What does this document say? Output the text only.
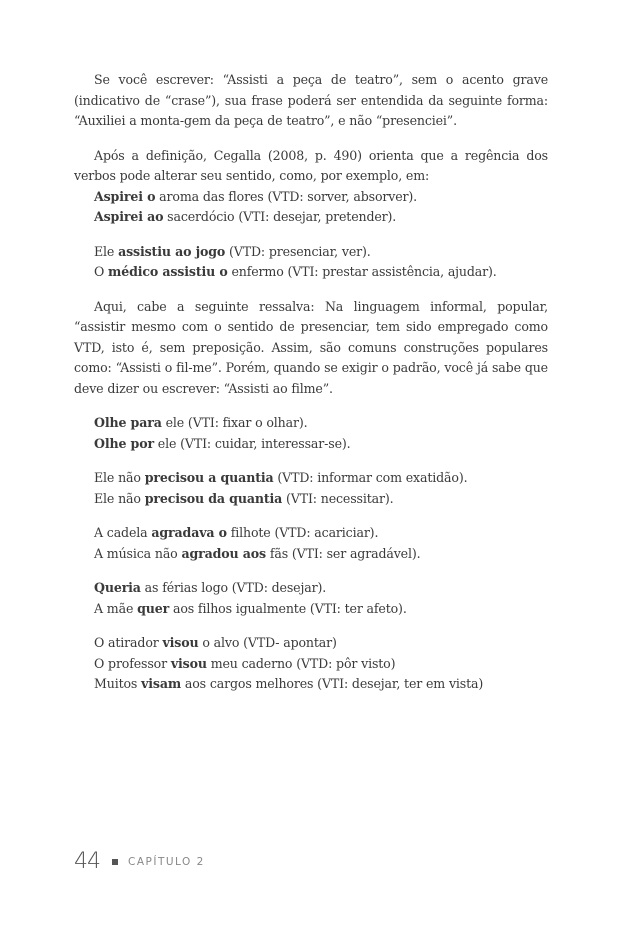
Se você escrever: “Assisti a peça de teatro”, sem o acento grave (indicativo de “crase”), sua frase poderá ser entendida da seguinte forma: “Auxiliei a monta-gem da peça de teatro”, e não “presenciei”.

Após a definição, Cegalla (2008, p. 490) orienta que a regência dos verbos pode alterar seu sentido, como, por exemplo, em:

Aspirei o aroma das flores (VTD: sorver, absorver).

Aspirei ao sacerdócio (VTI: desejar, pretender).

Ele assistiu ao jogo (VTD: presenciar, ver).

O médico assistiu o enfermo (VTI: prestar assistência, ajudar).

Aqui, cabe a seguinte ressalva: Na linguagem informal, popular, “assistir mesmo com o sentido de presenciar, tem sido empregado como VTD, isto é, sem preposição. Assim, são comuns construções populares como: “Assisti o fil-me”. Porém, quando se exigir o padrão, você já sabe que deve dizer ou escrever: “Assisti ao filme”.

Olhe para ele (VTI: fixar o olhar).

Olhe por ele (VTI: cuidar, interessar-se).

Ele não precisou a quantia (VTD: informar com exatidão).

Ele não precisou da quantia (VTI: necessitar).

A cadela agradava o filhote (VTD: acariciar).

A música não agradou aos fãs (VTI: ser agradável).

Queria as férias logo (VTD: desejar).

A mãe quer aos filhos igualmente (VTI: ter afeto).

O atirador visou o alvo (VTD- apontar)

O professor visou meu caderno (VTD: pôr visto)

Muitos visam aos cargos melhores (VTI: desejar, ter em vista)

44	CAPÍTULO 2
